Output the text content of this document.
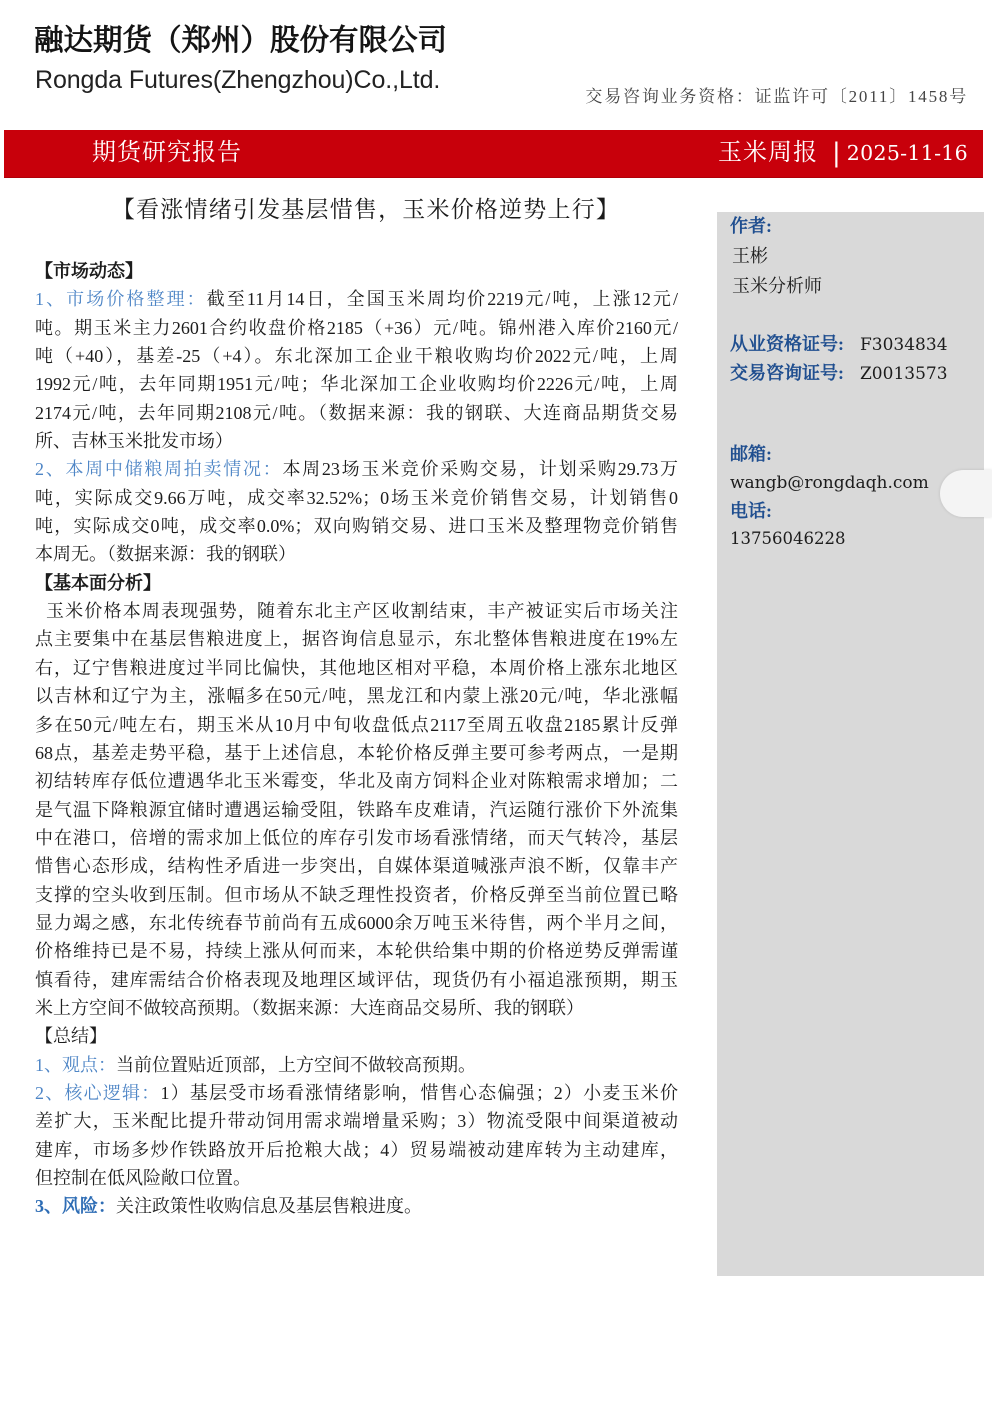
融达期货（郑州）股份有限公司
Rongda Futures(Zhengzhou)Co.,Ltd.
交易咨询业务资格：证监许可〔2011〕1458号
期货研究报告	玉米周报 | 2025-11-16
【看涨情绪引发基层惜售，玉米价格逆势上行】
作者:
王彬
玉米分析师
从业资格证号: F3034834
交易咨询证号: Z0013573
邮箱:
wangb@rongdaqh.com
电话:
13756046228
【市场动态】
1、市场价格整理：截至11月14日，全国玉米周均价2219元/吨，上涨12元/
吨。期玉米主力2601合约收盘价格2185（+36）元/吨。锦州港入库价2160元/
吨（+40），基差-25（+4）。东北深加工企业干粮收购均价2022元/吨，上周
1992元/吨，去年同期1951元/吨；华北深加工企业收购均价2226元/吨，上周
2174元/吨，去年同期2108元/吨。（数据来源：我的钢联、大连商品期货交易
所、吉林玉米批发市场）
2、本周中储粮周拍卖情况：本周23场玉米竞价采购交易，计划采购29.73万
吨，实际成交9.66万吨，成交率32.52%；0场玉米竞价销售交易，计划销售0
吨，实际成交0吨，成交率0.0%；双向购销交易、进口玉米及整理物竞价销售
本周无。（数据来源：我的钢联）
【基本面分析】
玉米价格本周表现强势，随着东北主产区收割结束，丰产被证实后市场关注
点主要集中在基层售粮进度上，据咨询信息显示，东北整体售粮进度在19%左
右，辽宁售粮进度过半同比偏快，其他地区相对平稳，本周价格上涨东北地区
以吉林和辽宁为主，涨幅多在50元/吨，黑龙江和内蒙上涨20元/吨，华北涨幅
多在50元/吨左右，期玉米从10月中旬收盘低点2117至周五收盘2185累计反弹
68点，基差走势平稳，基于上述信息，本轮价格反弹主要可参考两点，一是期
初结转库存低位遭遇华北玉米霉变，华北及南方饲料企业对陈粮需求增加；二
是气温下降粮源宜储时遭遇运输受阻，铁路车皮难请，汽运随行涨价下外流集
中在港口，倍增的需求加上低位的库存引发市场看涨情绪，而天气转冷，基层
惜售心态形成，结构性矛盾进一步突出，自媒体渠道喊涨声浪不断，仅靠丰产
支撑的空头收到压制。但市场从不缺乏理性投资者，价格反弹至当前位置已略
显力竭之感，东北传统春节前尚有五成6000余万吨玉米待售，两个半月之间，
价格维持已是不易，持续上涨从何而来，本轮供给集中期的价格逆势反弹需谨
慎看待，建库需结合价格表现及地理区域评估，现货仍有小福追涨预期，期玉
米上方空间不做较高预期。（数据来源：大连商品交易所、我的钢联）
【总结】
1、观点：当前位置贴近顶部，上方空间不做较高预期。
2、核心逻辑：1）基层受市场看涨情绪影响，惜售心态偏强；2）小麦玉米价
差扩大，玉米配比提升带动饲用需求端增量采购；3）物流受限中间渠道被动
建库，市场多炒作铁路放开后抢粮大战；4）贸易端被动建库转为主动建库，
但控制在低风险敞口位置。
3、风险：关注政策性收购信息及基层售粮进度。
